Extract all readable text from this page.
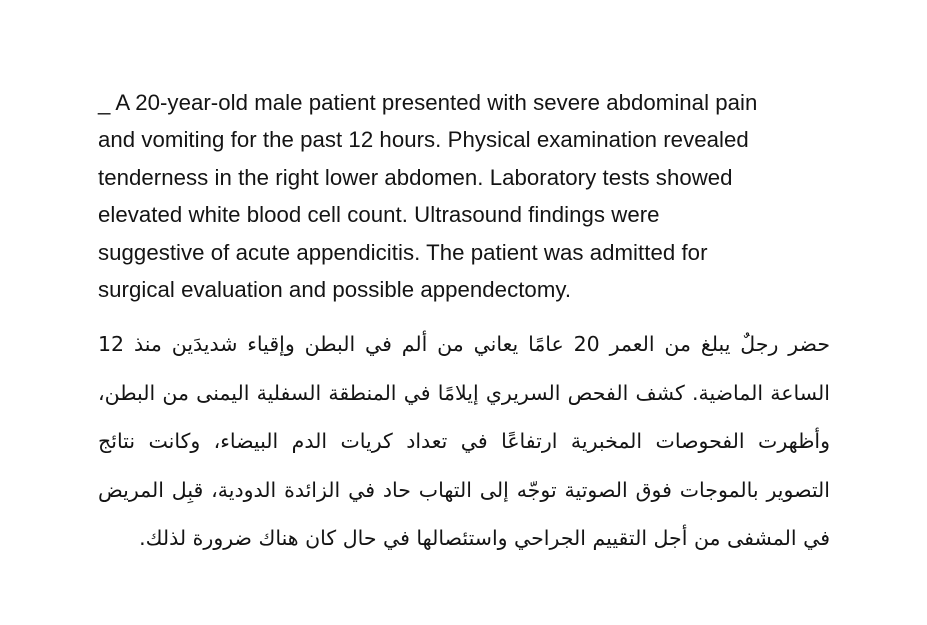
_ A 20-year-old male patient presented with severe abdominal pain
and vomiting for the past 12 hours. Physical examination revealed
tenderness in the right lower abdomen. Laboratory tests showed
elevated white blood cell count. Ultrasound findings were
suggestive of acute appendicitis. The patient was admitted for
surgical evaluation and possible appendectomy.

حضر رجلٌ يبلغ من العمر 20 عامًا يعاني من ألم في البطن وإقياء شديدَين منذ 12
الساعة الماضية. كشف الفحص السريري إيلامًا في المنطقة السفلية اليمنى من البطن،
وأظهرت الفحوصات المخبرية ارتفاعًا في تعداد كريات الدم البيضاء، وكانت نتائج
التصوير بالموجات فوق الصوتية توجّه إلى التهاب حاد في الزائدة الدودية، قبِل المريض
في المشفى من أجل التقييم الجراحي واستئصالها في حال كان هناك ضرورة لذلك.
